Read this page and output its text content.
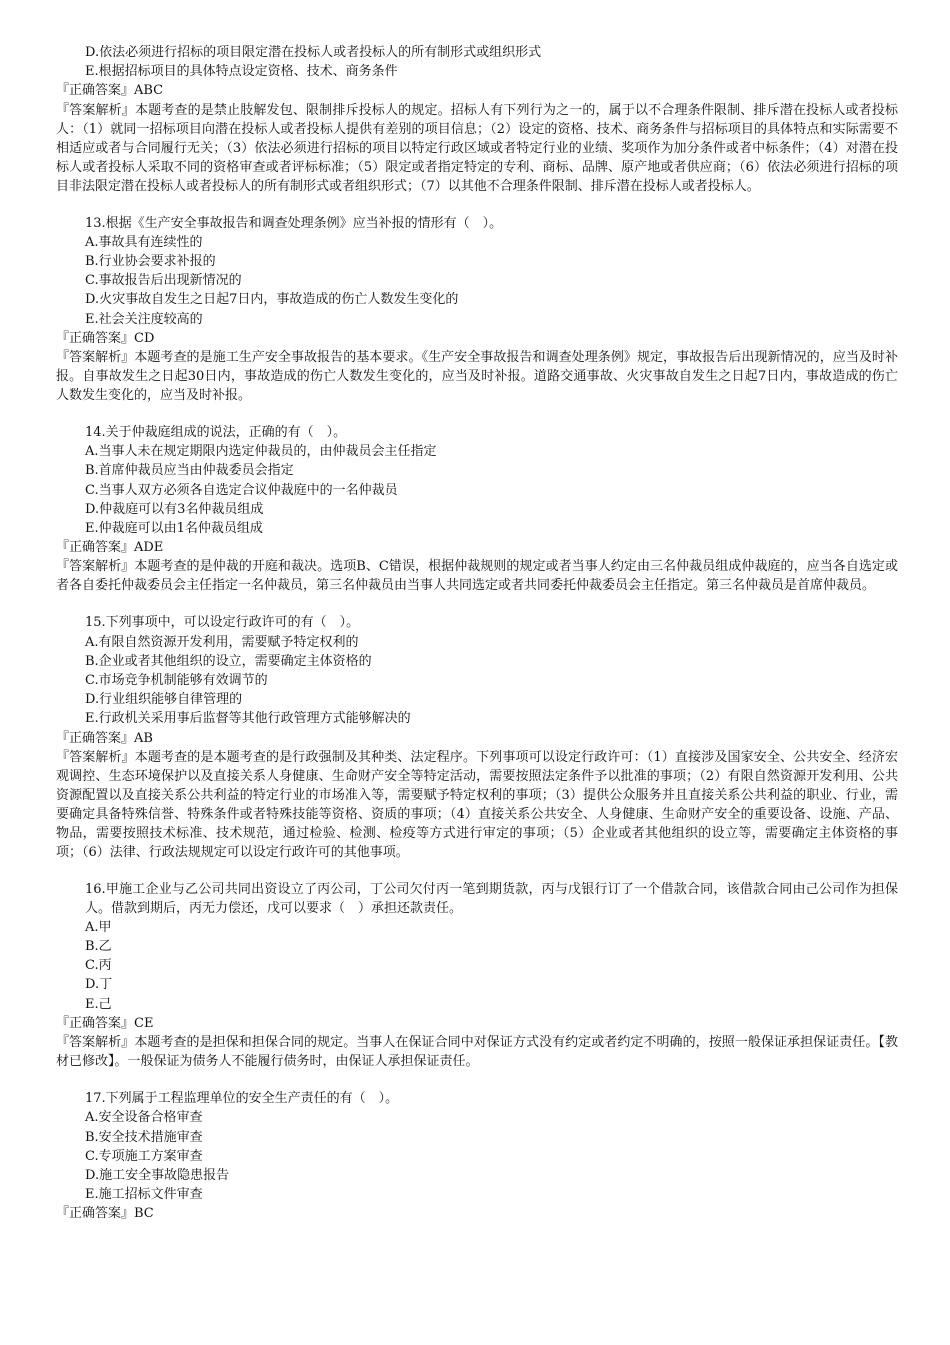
D.依法必须进行招标的项目限定潜在投标人或者投标人的所有制形式或组织形式
E.根据招标项目的具体特点设定资格、技术、商务条件
『正确答案』ABC
『答案解析』本题考查的是禁止肢解发包、限制排斥投标人的规定。招标人有下列行为之一的，属于以不合理条件限制、排斥潜在投标人或者投标人：（1）就同一招标项目向潜在投标人或者投标人提供有差别的项目信息；（2）设定的资格、技术、商务条件与招标项目的具体特点和实际需要不相适应或者与合同履行无关；（3）依法必须进行招标的项目以特定行政区域或者特定行业的业绩、奖项作为加分条件或者中标条件；（4）对潜在投标人或者投标人采取不同的资格审查或者评标标准；（5）限定或者指定特定的专利、商标、品牌、原产地或者供应商；（6）依法必须进行招标的项目非法限定潜在投标人或者投标人的所有制形式或者组织形式；（7）以其他不合理条件限制、排斥潜在投标人或者投标人。
13.根据《生产安全事故报告和调查处理条例》应当补报的情形有（　）。
A.事故具有连续性的
B.行业协会要求补报的
C.事故报告后出现新情况的
D.火灾事故自发生之日起7日内，事故造成的伤亡人数发生变化的
E.社会关注度较高的
『正确答案』CD
『答案解析』本题考查的是施工生产安全事故报告的基本要求。《生产安全事故报告和调查处理条例》规定，事故报告后出现新情况的，应当及时补报。自事故发生之日起30日内，事故造成的伤亡人数发生变化的，应当及时补报。道路交通事故、火灾事故自发生之日起7日内，事故造成的伤亡人数发生变化的，应当及时补报。
14.关于仲裁庭组成的说法，正确的有（　）。
A.当事人未在规定期限内选定仲裁员的，由仲裁员会主任指定
B.首席仲裁员应当由仲裁委员会指定
C.当事人双方必须各自选定合议仲裁庭中的一名仲裁员
D.仲裁庭可以有3名仲裁员组成
E.仲裁庭可以由1名仲裁员组成
『正确答案』ADE
『答案解析』本题考查的是仲裁的开庭和裁决。选项B、C错误，根据仲裁规则的规定或者当事人约定由三名仲裁员组成仲裁庭的，应当各自选定或者各自委托仲裁委员会主任指定一名仲裁员，第三名仲裁员由当事人共同选定或者共同委托仲裁委员会主任指定。第三名仲裁员是首席仲裁员。
15.下列事项中，可以设定行政许可的有（　）。
A.有限自然资源开发利用，需要赋予特定权利的
B.企业或者其他组织的设立，需要确定主体资格的
C.市场竞争机制能够有效调节的
D.行业组织能够自律管理的
E.行政机关采用事后监督等其他行政管理方式能够解决的
『正确答案』AB
『答案解析』本题考查的是本题考查的是行政强制及其种类、法定程序。下列事项可以设定行政许可：（1）直接涉及国家安全、公共安全、经济宏观调控、生态环境保护以及直接关系人身健康、生命财产安全等特定活动，需要按照法定条件予以批准的事项；（2）有限自然资源开发利用、公共资源配置以及直接关系公共利益的特定行业的市场准入等，需要赋予特定权利的事项；（3）提供公众服务并且直接关系公共利益的职业、行业，需要确定具备特殊信誉、特殊条件或者特殊技能等资格、资质的事项；（4）直接关系公共安全、人身健康、生命财产安全的重要设备、设施、产品、物品，需要按照技术标准、技术规范，通过检验、检测、检疫等方式进行审定的事项；（5）企业或者其他组织的设立等，需要确定主体资格的事项；（6）法律、行政法规规定可以设定行政许可的其他事项。
16.甲施工企业与乙公司共同出资设立了丙公司，丁公司欠付丙一笔到期货款，丙与戊银行订了一个借款合同，该借款合同由己公司作为担保人。借款到期后，丙无力偿还，戊可以要求（　）承担还款责任。
A.甲
B.乙
C.丙
D.丁
E.己
『正确答案』CE
『答案解析』本题考查的是担保和担保合同的规定。当事人在保证合同中对保证方式没有约定或者约定不明确的，按照一般保证承担保证责任。【教材已修改】。一般保证为债务人不能履行债务时，由保证人承担保证责任。
17.下列属于工程监理单位的安全生产责任的有（　）。
A.安全设备合格审查
B.安全技术措施审查
C.专项施工方案审查
D.施工安全事故隐患报告
E.施工招标文件审查
『正确答案』BC
